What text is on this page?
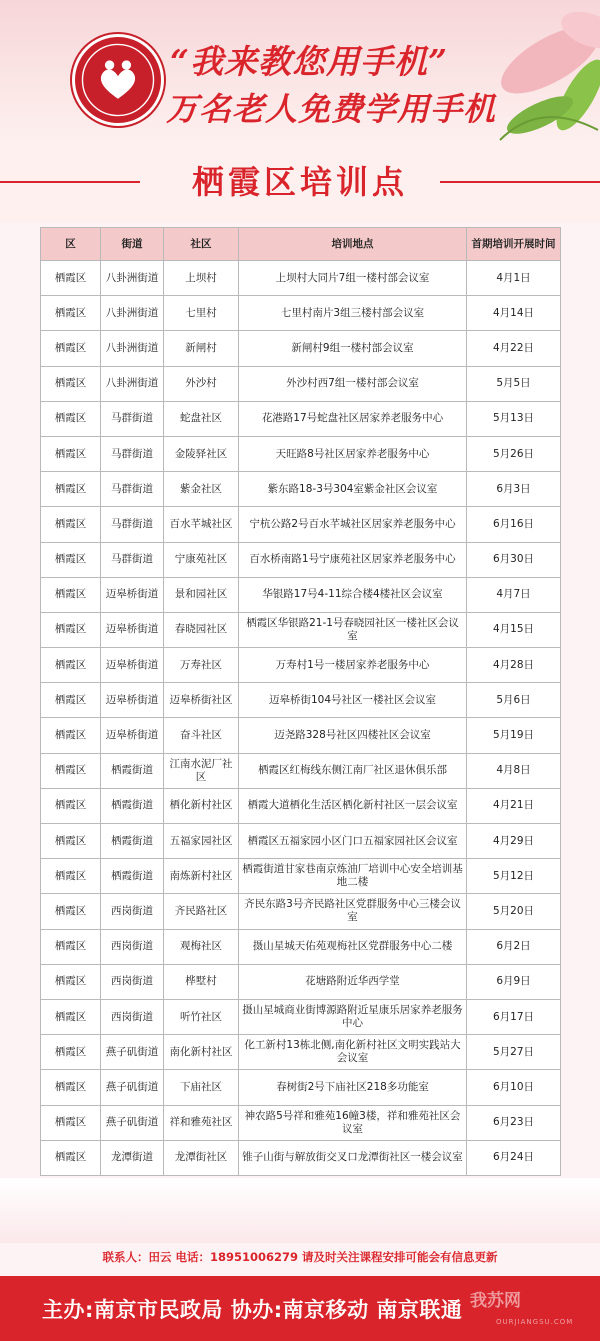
“我来教您用手机”
万名老人免费学用手机
栖霞区培训点
区	街道	社区	培训地点	首期培训开展时间
栖霞区	八卦洲街道	上坝村	上坝村大同片7组一楼村部会议室	4月1日
栖霞区	八卦洲街道	七里村	七里村南片3组三楼村部会议室	4月14日
栖霞区	八卦洲街道	新闸村	新闸村9组一楼村部会议室	4月22日
栖霞区	八卦洲街道	外沙村	外沙村西7组一楼村部会议室	5月5日
栖霞区	马群街道	蛇盘社区	花港路17号蛇盘社区居家养老服务中心	5月13日
栖霞区	马群街道	金陵驿社区	天旺路8号社区居家养老服务中心	5月26日
栖霞区	马群街道	紫金社区	紫东路18-3号304室紫金社区会议室	6月3日
栖霞区	马群街道	百水芊城社区	宁杭公路2号百水芊城社区居家养老服务中心	6月16日
栖霞区	马群街道	宁康苑社区	百水桥南路1号宁康苑社区居家养老服务中心	6月30日
栖霞区	迈皋桥街道	景和园社区	华银路17号4-11综合楼4楼社区会议室	4月7日
栖霞区	迈皋桥街道	春晓园社区	栖霞区华银路21-1号春晓园社区一楼社区会议室	4月15日
栖霞区	迈皋桥街道	万寿社区	万寿村1号一楼居家养老服务中心	4月28日
栖霞区	迈皋桥街道	迈皋桥街社区	迈皋桥街104号社区一楼社区会议室	5月6日
栖霞区	迈皋桥街道	奋斗社区	迈尧路328号社区四楼社区会议室	5月19日
栖霞区	栖霞街道	江南水泥厂社区	栖霞区红梅线东侧江南厂社区退休俱乐部	4月8日
栖霞区	栖霞街道	栖化新村社区	栖霞大道栖化生活区栖化新村社区一层会议室	4月21日
栖霞区	栖霞街道	五福家园社区	栖霞区五福家园小区门口五福家园社区会议室	4月29日
栖霞区	栖霞街道	南炼新村社区	栖霞街道甘家巷南京炼油厂培训中心安全培训基地二楼	5月12日
栖霞区	西岗街道	齐民路社区	齐民东路3号齐民路社区党群服务中心三楼会议室	5月20日
栖霞区	西岗街道	观梅社区	摄山星城天佑苑观梅社区党群服务中心二楼	6月2日
栖霞区	西岗街道	桦墅村	花塘路附近华西学堂	6月9日
栖霞区	西岗街道	听竹社区	摄山星城商业街博源路附近星康乐居家养老服务中心	6月17日
栖霞区	燕子矶街道	南化新村社区	化工新村13栋北侧,南化新村社区文明实践站大会议室	5月27日
栖霞区	燕子矶街道	下庙社区	春树街2号下庙社区218多功能室	6月10日
栖霞区	燕子矶街道	祥和雅苑社区	神农路5号祥和雅苑16幢3楼，祥和雅苑社区会议室	6月23日
栖霞区	龙潭街道	龙潭街社区	锥子山街与解放街交叉口龙潭街社区一楼会议室	6月24日
联系人：田云 电话：18951006279 请及时关注课程安排可能会有信息更新
主办:南京市民政局 协办:南京移动 南京联通 我苏网
OURJIANGSU.COM
